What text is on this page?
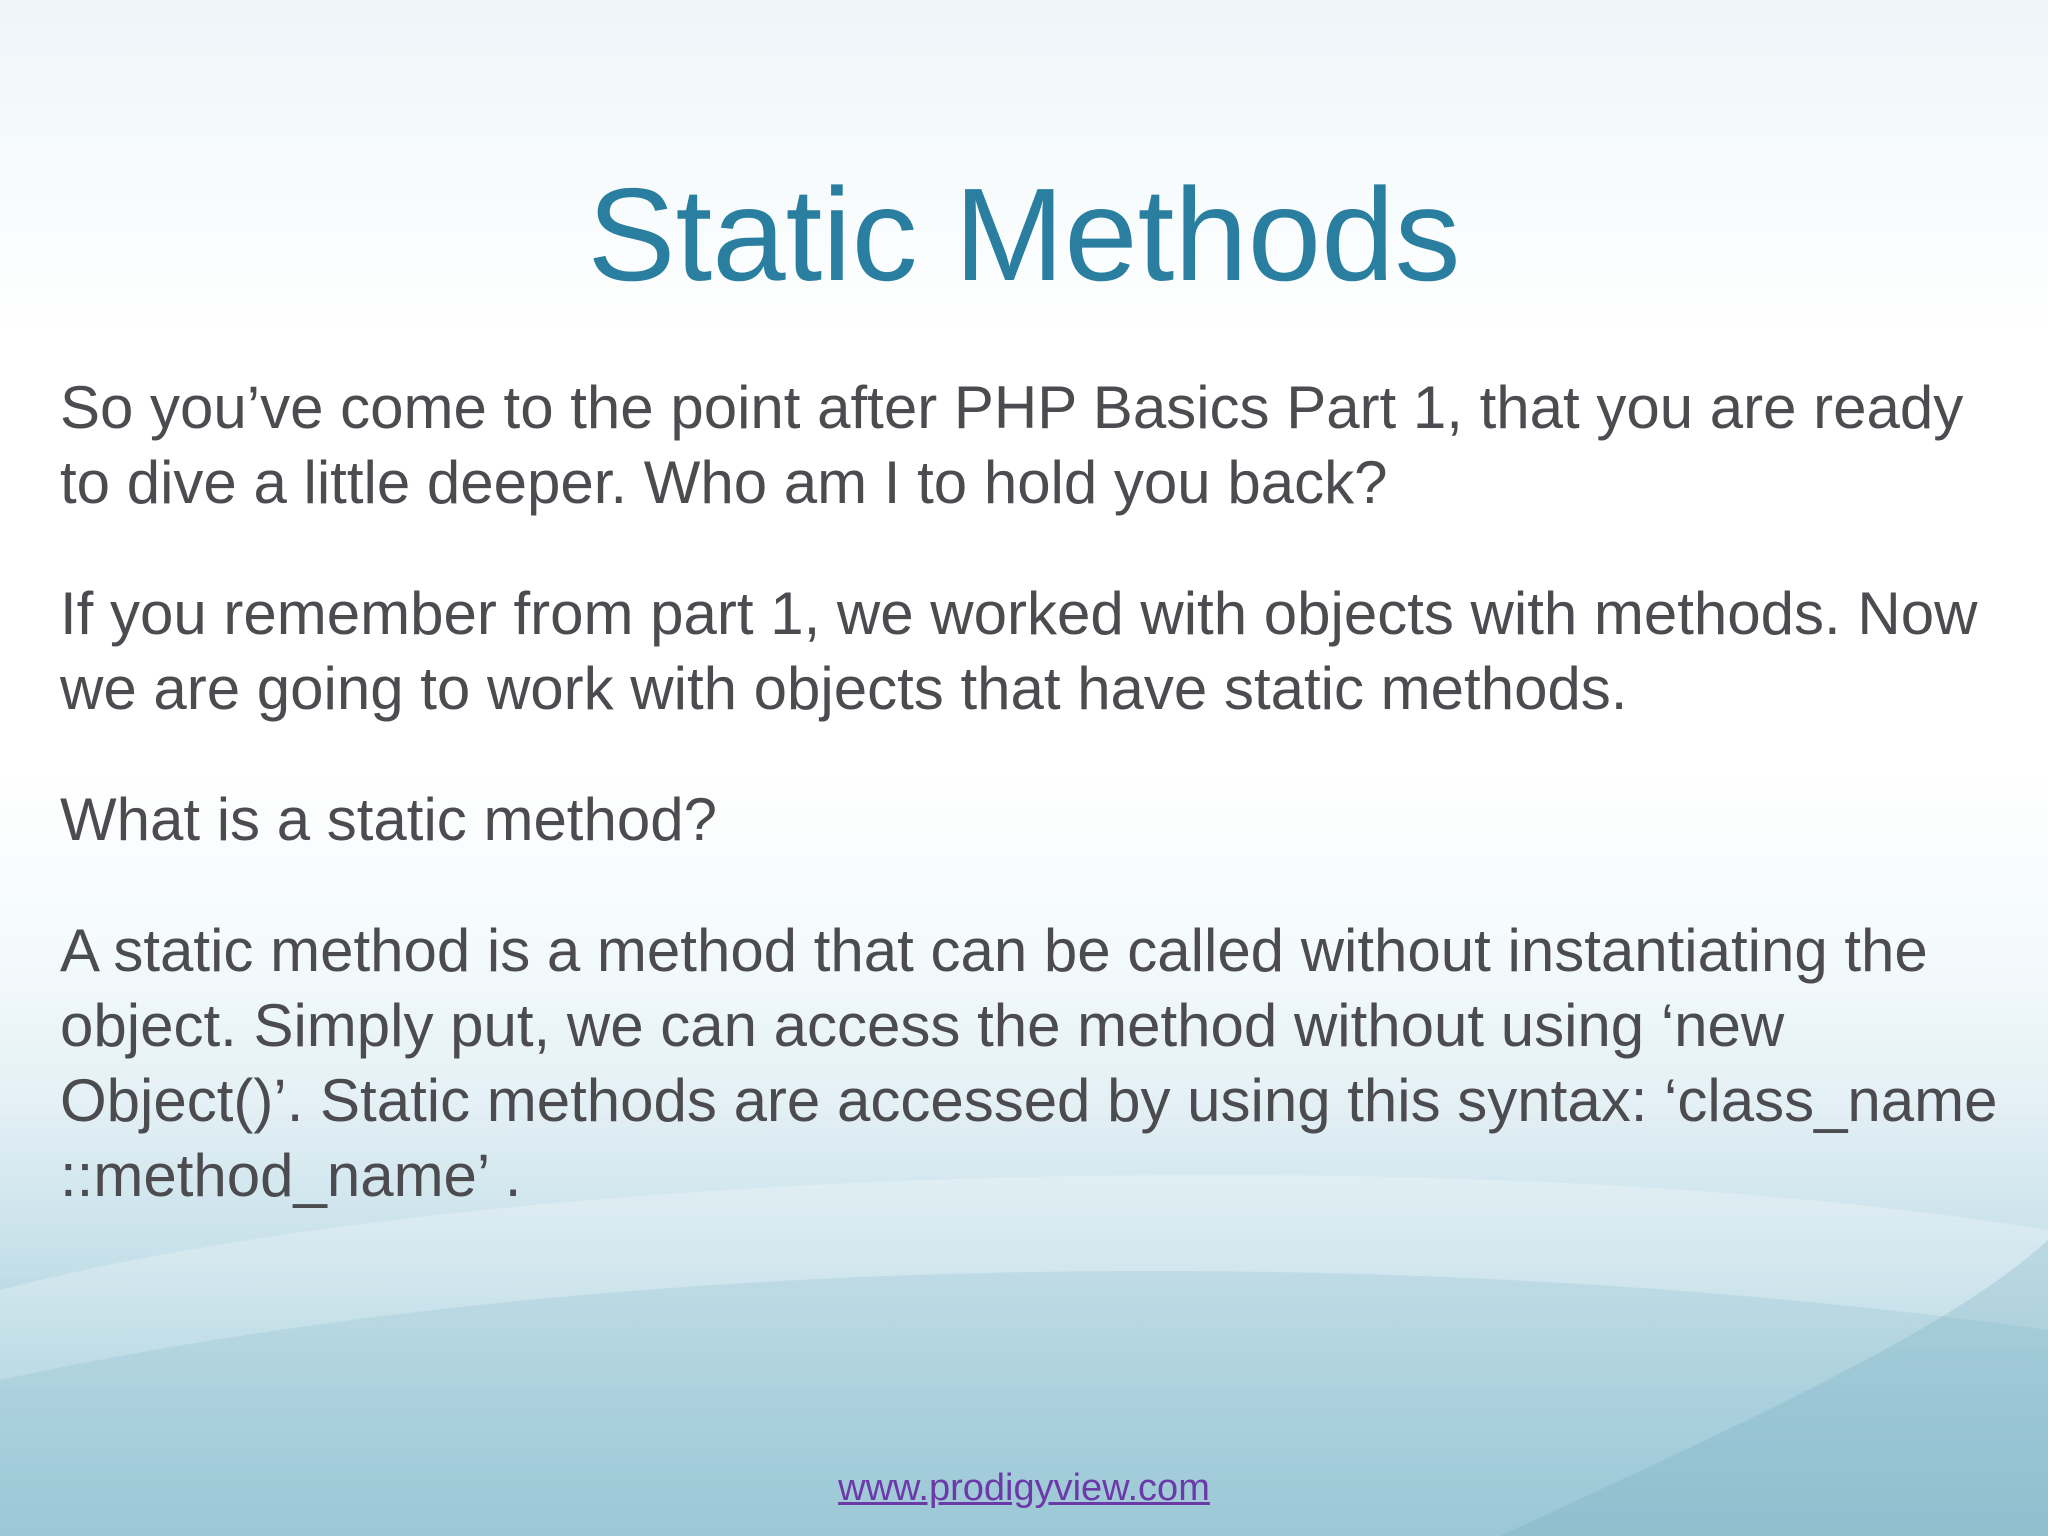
Static Methods

So you’ve come to the point after PHP Basics Part 1, that you are ready to dive a little deeper. Who am I to hold you back?

If you remember from part 1, we worked with objects with methods. Now we are going to work with objects that have static methods.

What is a static method?

A static method is a method that can be called without instantiating the object. Simply put, we can access the method without using ‘new Object()’. Static methods are accessed by using this syntax: ‘class_name ::method_name’ .

www.prodigyview.com
